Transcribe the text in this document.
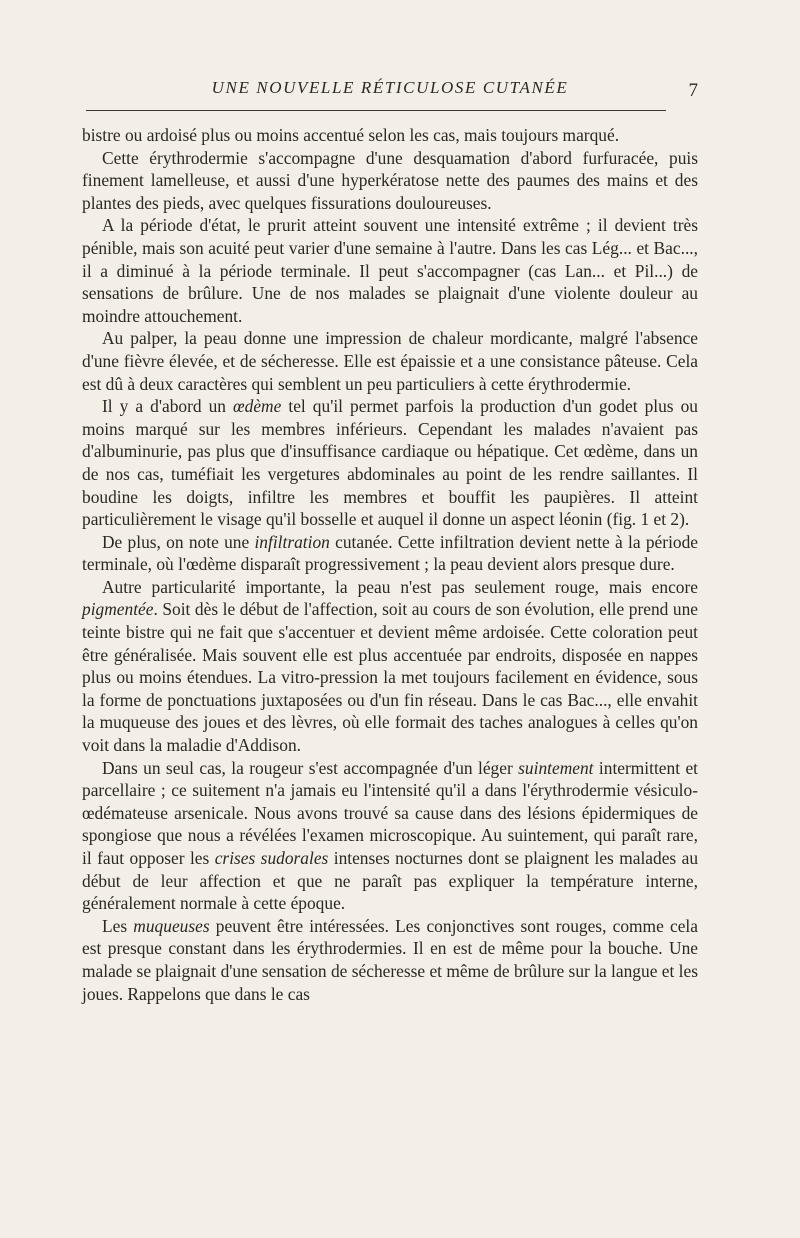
UNE NOUVELLE RÉTICULOSE CUTANÉE	7

bistre ou ardoisé plus ou moins accentué selon les cas, mais toujours marqué.

Cette érythrodermie s'accompagne d'une desquamation d'abord furfuracée, puis finement lamelleuse, et aussi d'une hyperkératose nette des paumes des mains et des plantes des pieds, avec quelques fissurations douloureuses.

A la période d'état, le prurit atteint souvent une intensité extrême ; il devient très pénible, mais son acuité peut varier d'une semaine à l'autre. Dans les cas Lég... et Bac..., il a diminué à la période terminale. Il peut s'accompagner (cas Lan... et Pil...) de sensations de brûlure. Une de nos malades se plaignait d'une violente douleur au moindre attouchement.

Au palper, la peau donne une impression de chaleur mordicante, malgré l'absence d'une fièvre élevée, et de sécheresse. Elle est épaissie et a une consistance pâteuse. Cela est dû à deux caractères qui semblent un peu particuliers à cette érythrodermie.

Il y a d'abord un œdème tel qu'il permet parfois la production d'un godet plus ou moins marqué sur les membres inférieurs. Cependant les malades n'avaient pas d'albuminurie, pas plus que d'insuffisance cardiaque ou hépatique. Cet œdème, dans un de nos cas, tuméfiait les vergetures abdominales au point de les rendre saillantes. Il boudine les doigts, infiltre les membres et bouffit les paupières. Il atteint particulièrement le visage qu'il bosselle et auquel il donne un aspect léonin (fig. 1 et 2).

De plus, on note une infiltration cutanée. Cette infiltration devient nette à la période terminale, où l'œdème disparaît progressivement ; la peau devient alors presque dure.

Autre particularité importante, la peau n'est pas seulement rouge, mais encore pigmentée. Soit dès le début de l'affection, soit au cours de son évolution, elle prend une teinte bistre qui ne fait que s'accentuer et devient même ardoisée. Cette coloration peut être généralisée. Mais souvent elle est plus accentuée par endroits, disposée en nappes plus ou moins étendues. La vitro-pression la met toujours facilement en évidence, sous la forme de ponctuations juxtaposées ou d'un fin réseau. Dans le cas Bac..., elle envahit la muqueuse des joues et des lèvres, où elle formait des taches analogues à celles qu'on voit dans la maladie d'Addison.

Dans un seul cas, la rougeur s'est accompagnée d'un léger suintement intermittent et parcellaire ; ce suitement n'a jamais eu l'intensité qu'il a dans l'érythrodermie vésiculo-œdémateuse arsenicale. Nous avons trouvé sa cause dans des lésions épidermiques de spongiose que nous a révélées l'examen microscopique. Au suintement, qui paraît rare, il faut opposer les crises sudorales intenses nocturnes dont se plaignent les malades au début de leur affection et que ne paraît pas expliquer la température interne, généralement normale à cette époque.

Les muqueuses peuvent être intéressées. Les conjonctives sont rouges, comme cela est presque constant dans les érythrodermies. Il en est de même pour la bouche. Une malade se plaignait d'une sensation de sécheresse et même de brûlure sur la langue et les joues. Rappelons que dans le cas
